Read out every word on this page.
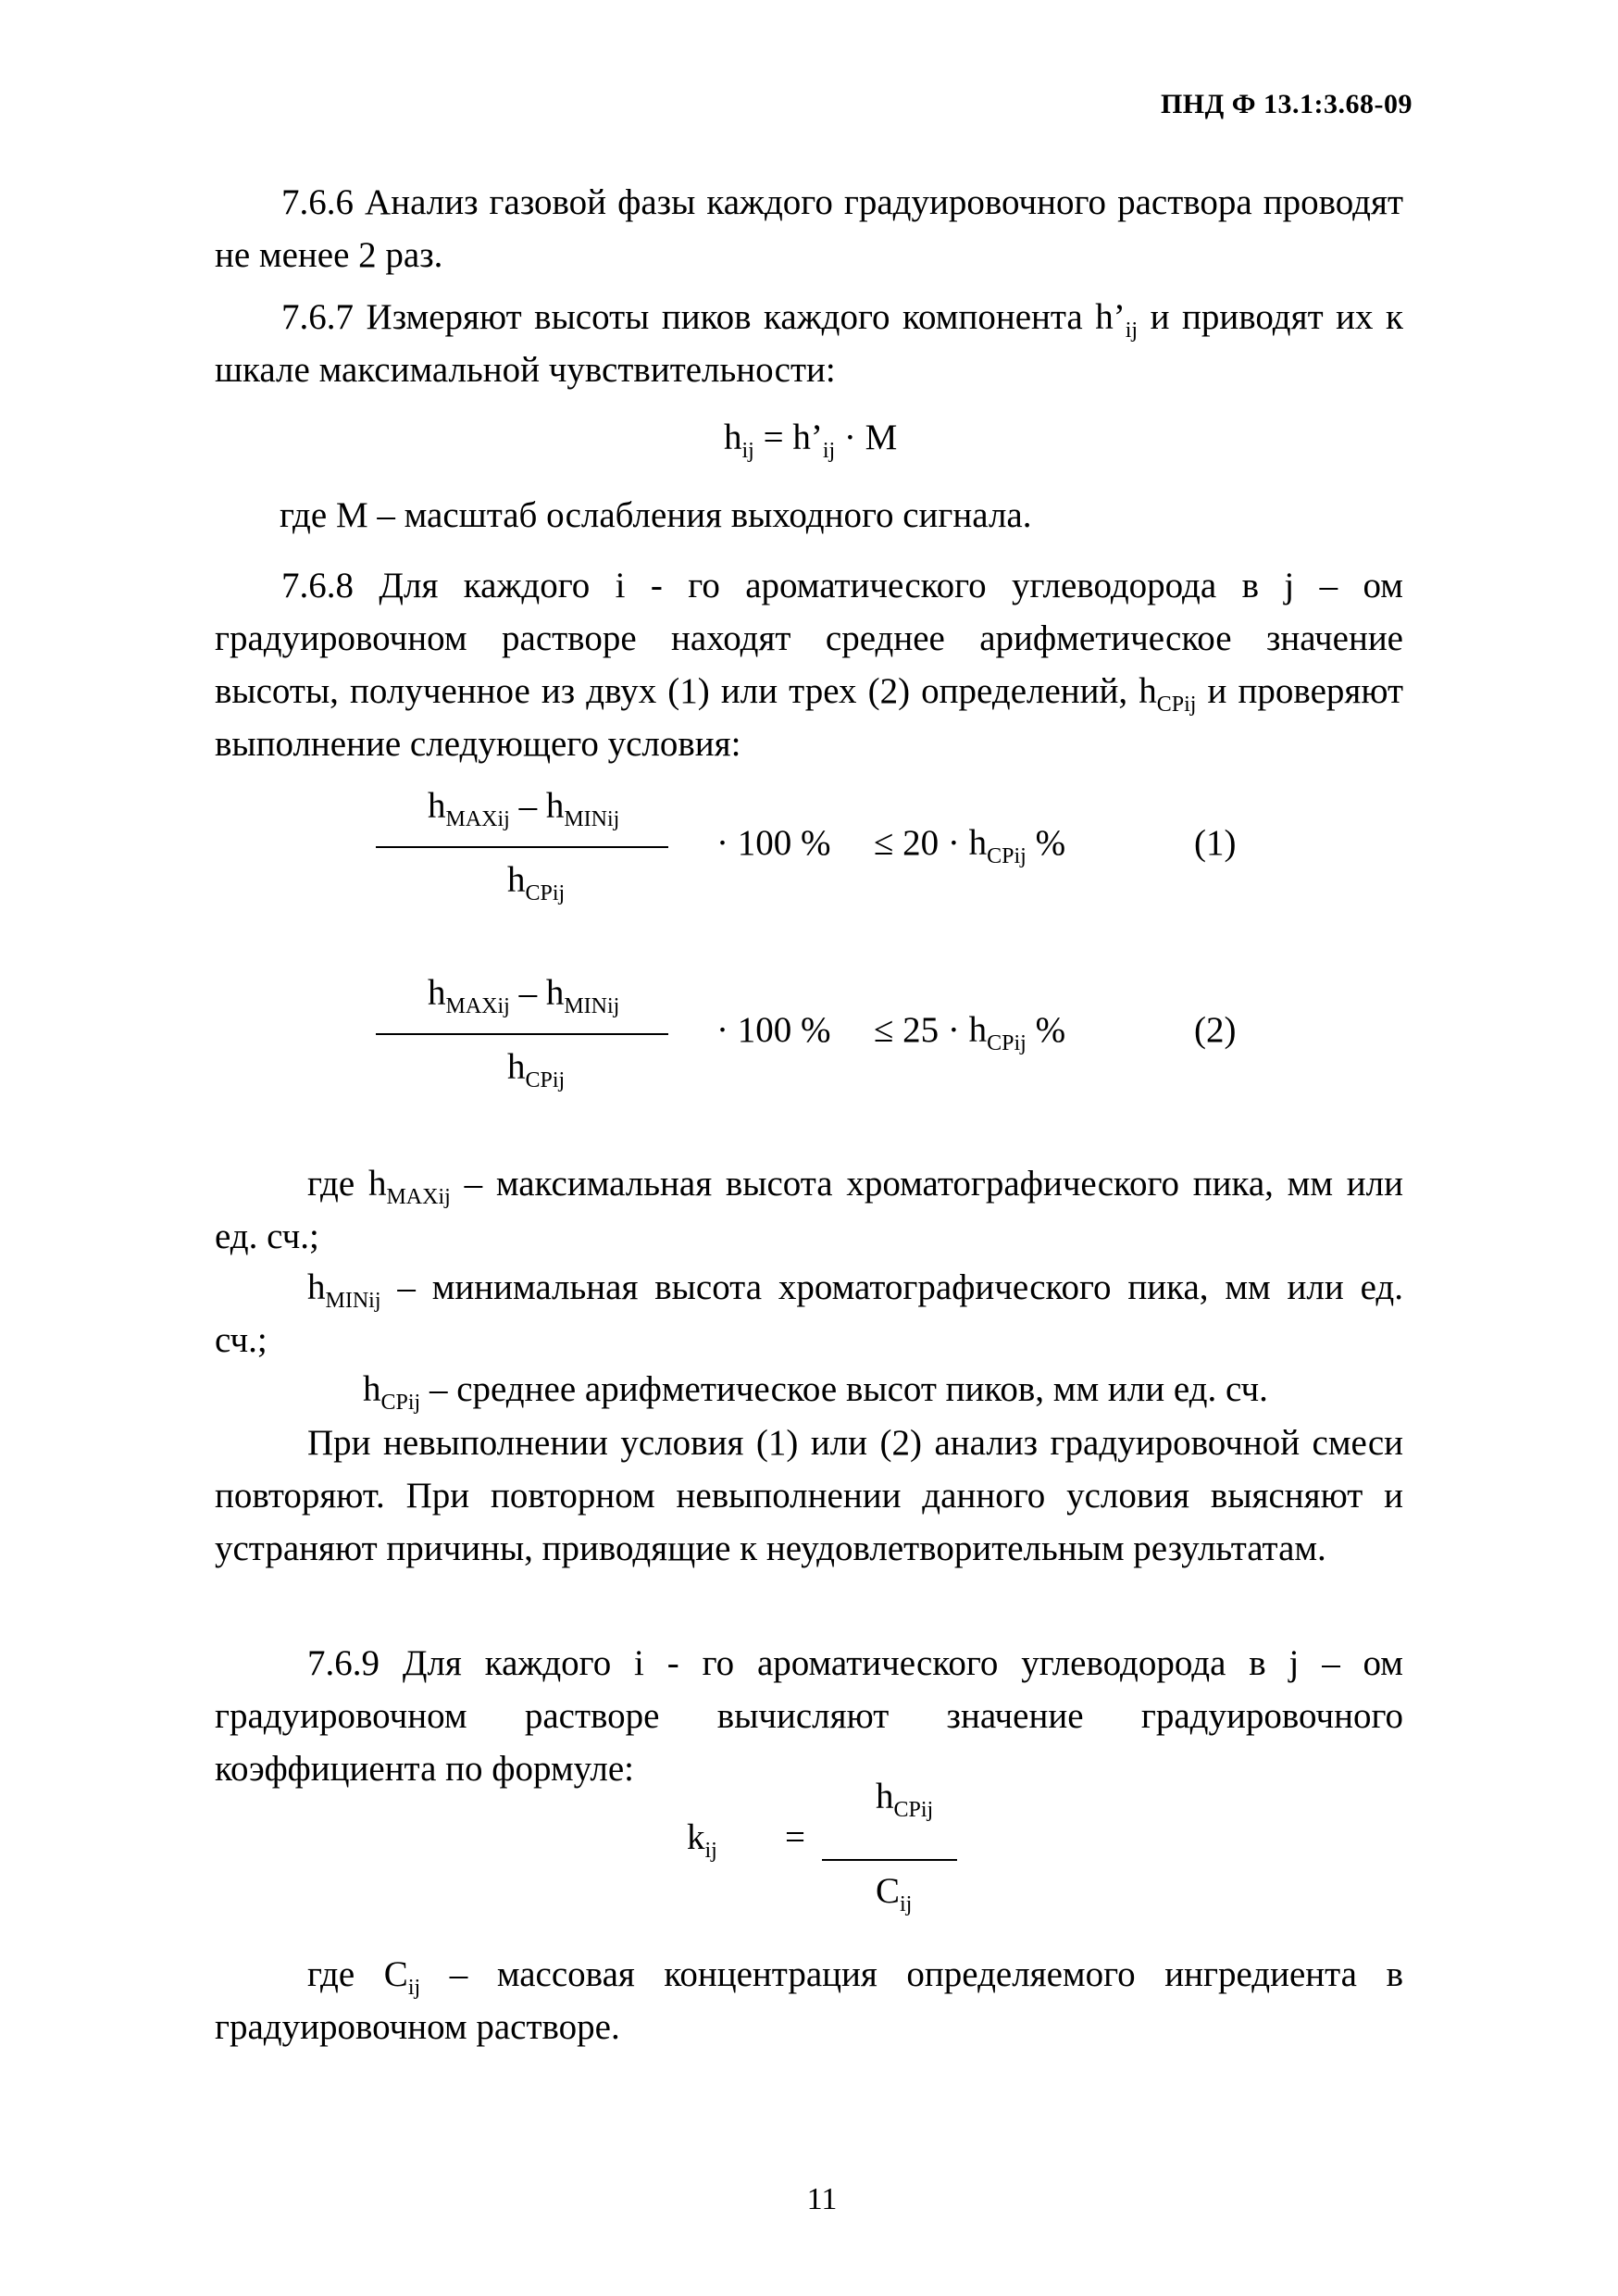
ПНД Ф 13.1:3.68-09
7.6.6 Анализ газовой фазы каждого градуировочного раствора проводят не менее 2 раз.
7.6.7 Измеряют высоты пиков каждого компонента $h’_{ij}$ и приводят их к шкале максимальной чувствительности:
$h_{ij}$ = $h’_{ij} \cdot M$
где М – масштаб ослабления выходного сигнала.
7.6.8 Для каждого i - го ароматического углеводорода в j – ом градуировочном растворе находят среднее арифметическое значение высоты, полученное из двух (1) или трех (2) определений, $h_{CPij}$ и проверяют выполнение следующего условия:
$h_{MAXij} - h_{MINij}$
$h_{CPij}$
· 100 % ≤ $20 \cdot h_{CPij}$ %	(1)
$h_{MAXij} - h_{MINij}$
$h_{CPij}$
· 100 % ≤ $25 \cdot h_{CPij}$ %	(2)
где $h_{MAXij}$ – максимальная высота хроматографического пика, мм или ед. сч.;
$h_{MINij}$ – минимальная высота хроматографического пика, мм или ед. сч.;
$h_{CPij}$ – среднее арифметическое высот пиков, мм или ед. сч.
При невыполнении условия (1) или (2) анализ градуировочной смеси повторяют. При повторном невыполнении данного условия выясняют и устраняют причины, приводящие к неудовлетворительным результатам.
7.6.9 Для каждого i - го ароматического углеводорода в j – ом градуировочном растворе вычисляют значение градуировочного коэффициента по формуле:
$k_{ij}$ =
$h_{CPij}$
$C_{ij}$
где $C_{ij}$ – массовая концентрация определяемого ингредиента в градуировочном растворе.
11
